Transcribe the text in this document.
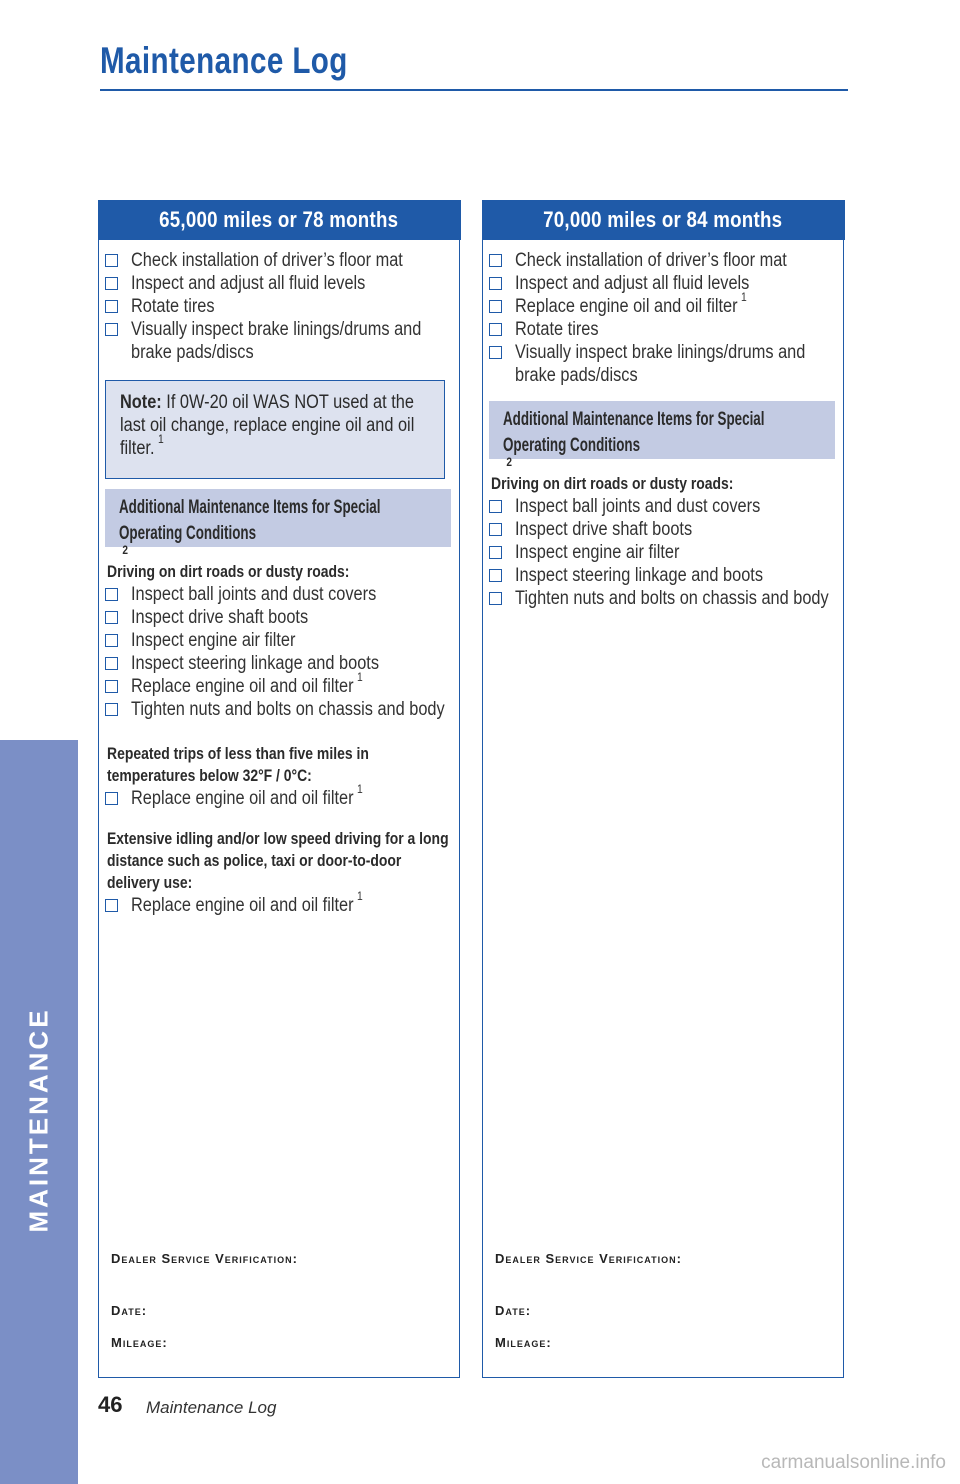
Maintenance Log
65,000 miles or 78 months
Check installation of driver’s floor mat
Inspect and adjust all fluid levels
Rotate tires
Visually inspect brake linings/drums and brake pads/discs
Note: If 0W-20 oil WAS NOT used at the last oil change, replace engine oil and oil filter. $^1$
Additional Maintenance Items for Special Operating Conditions$^2$
Driving on dirt roads or dusty roads:
Inspect ball joints and dust covers
Inspect drive shaft boots
Inspect engine air filter
Inspect steering linkage and boots
Replace engine oil and oil filter $^1$
Tighten nuts and bolts on chassis and body
Repeated trips of less than five miles in temperatures below 32°F / 0°C:
Replace engine oil and oil filter $^1$
Extensive idling and/or low speed driving for a long distance such as police, taxi or door-to-door delivery use:
Replace engine oil and oil filter $^1$
Dealer Service Verification:
Date:
Mileage:
70,000 miles or 84 months
Check installation of driver’s floor mat
Inspect and adjust all fluid levels
Replace engine oil and oil filter $^1$
Rotate tires
Visually inspect brake linings/drums and brake pads/discs
Additional Maintenance Items for Special Operating Conditions$^2$
Driving on dirt roads or dusty roads:
Inspect ball joints and dust covers
Inspect drive shaft boots
Inspect engine air filter
Inspect steering linkage and boots
Tighten nuts and bolts on chassis and body
Dealer Service Verification:
Date:
Mileage:
MAINTENANCE
46 Maintenance Log
carmanualsonline.info
